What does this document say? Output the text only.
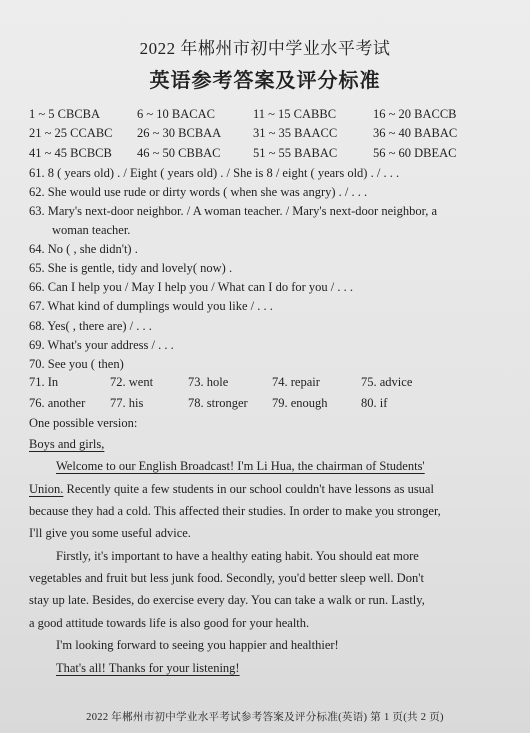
2022 年郴州市初中学业水平考试
英语参考答案及评分标准
1 ~ 5 CBCBA	6 ~ 10 BACAC	11 ~ 15 CABBC	16 ~ 20 BACCB
21 ~ 25 CCABC 26 ~ 30 BCBAA	31 ~ 35 BAACC	36 ~ 40 BABAC
41 ~ 45 BCBCB 46 ~ 50 CBBAC	51 ~ 55 BABAC	56 ~ 60 DBEAC
61. 8 ( years old) . / Eight ( years old) . / She is 8 / eight ( years old) . / . . .
62. She would use rude or dirty words ( when she was angry) . / . . .
63. Mary's next-door neighbor. / A woman teacher. / Mary's next-door neighbor, a
woman teacher.
64. No ( , she didn't) .
65. She is gentle, tidy and lovely( now) .
66. Can I help you / May I help you / What can I do for you / . . .
67. What kind of dumplings would you like / . . .
68. Yes( , there are) / . . .
69. What's your address / . . .
70. See you ( then)
71. In	72. went	73. hole	74. repair	75. advice
76. another 77. his	78. stronger 79. enough	80. if
One possible version:
Boys and girls,
Welcome to our English Broadcast! I'm Li Hua, the chairman of Students'
Union. Recently quite a few students in our school couldn't have lessons as usual
because they had a cold. This affected their studies. In order to make you stronger,
I'll give you some useful advice.
Firstly, it's important to have a healthy eating habit. You should eat more
vegetables and fruit but less junk food. Secondly, you'd better sleep well. Don't
stay up late. Besides, do exercise every day. You can take a walk or run. Lastly,
a good attitude towards life is also good for your health.
I'm looking forward to seeing you happier and healthier!
That's all! Thanks for your listening!
2022 年郴州市初中学业水平考试参考答案及评分标准(英语) 第 1 页(共 2 页)
